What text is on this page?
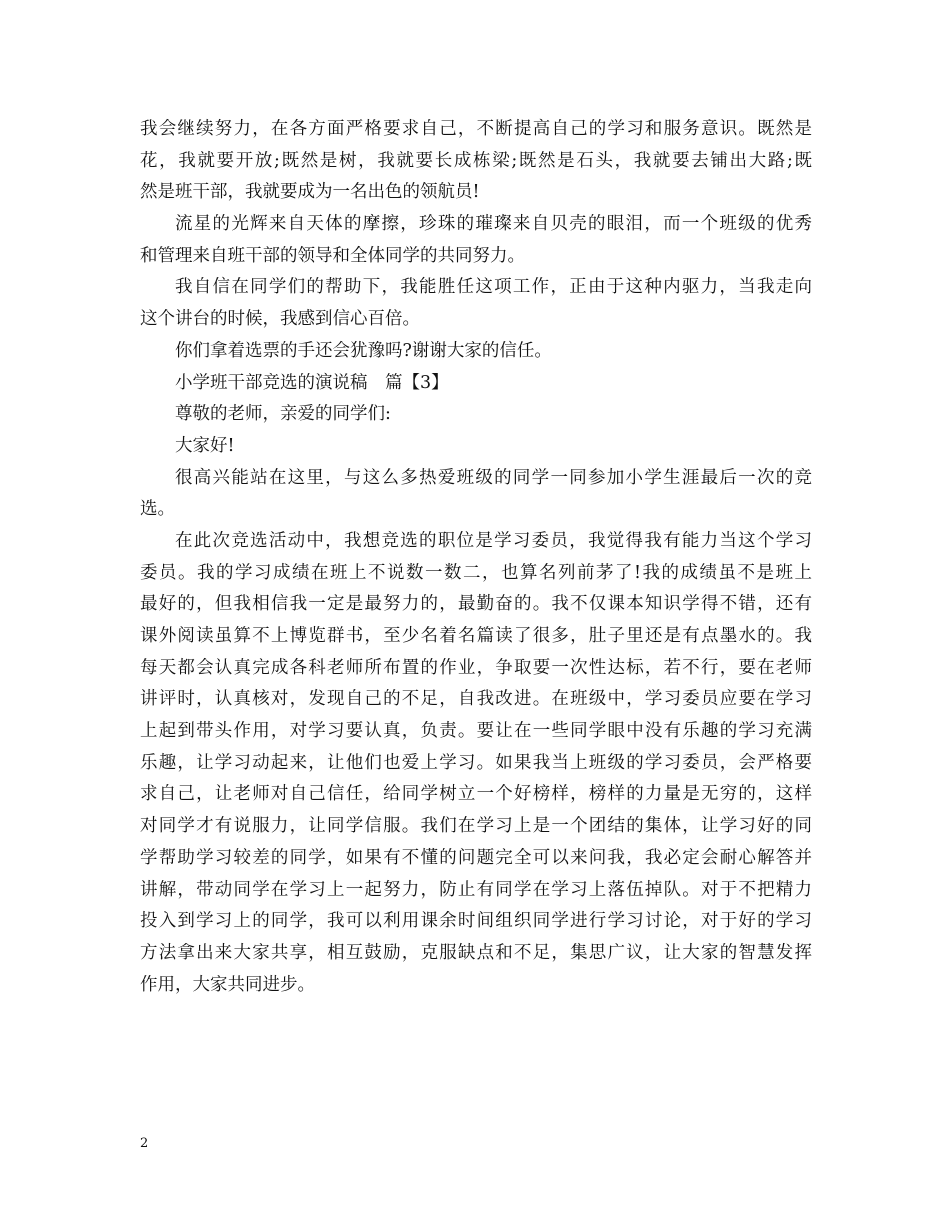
我会继续努力，在各方面严格要求自己，不断提高自己的学习和服务意识。既然是
花，我就要开放;既然是树，我就要长成栋梁;既然是石头，我就要去铺出大路;既
然是班干部，我就要成为一名出色的领航员!
流星的光辉来自天体的摩擦，珍珠的璀璨来自贝壳的眼泪，而一个班级的优秀
和管理来自班干部的领导和全体同学的共同努力。
我自信在同学们的帮助下，我能胜任这项工作，正由于这种内驱力，当我走向
这个讲台的时候，我感到信心百倍。
你们拿着选票的手还会犹豫吗?谢谢大家的信任。
小学班干部竞选的演说稿　篇【3】
尊敬的老师，亲爱的同学们:
大家好!
很高兴能站在这里，与这么多热爱班级的同学一同参加小学生涯最后一次的竞
选。
在此次竞选活动中，我想竞选的职位是学习委员，我觉得我有能力当这个学习
委员。我的学习成绩在班上不说数一数二，也算名列前茅了!我的成绩虽不是班上
最好的，但我相信我一定是最努力的，最勤奋的。我不仅课本知识学得不错，还有
课外阅读虽算不上博览群书，至少名着名篇读了很多，肚子里还是有点墨水的。我
每天都会认真完成各科老师所布置的作业，争取要一次性达标，若不行，要在老师
讲评时，认真核对，发现自己的不足，自我改进。在班级中，学习委员应要在学习
上起到带头作用，对学习要认真，负责。要让在一些同学眼中没有乐趣的学习充满
乐趣，让学习动起来，让他们也爱上学习。如果我当上班级的学习委员，会严格要
求自己，让老师对自己信任，给同学树立一个好榜样，榜样的力量是无穷的，这样
对同学才有说服力，让同学信服。我们在学习上是一个团结的集体，让学习好的同
学帮助学习较差的同学，如果有不懂的问题完全可以来问我，我必定会耐心解答并
讲解，带动同学在学习上一起努力，防止有同学在学习上落伍掉队。对于不把精力
投入到学习上的同学，我可以利用课余时间组织同学进行学习讨论，对于好的学习
方法拿出来大家共享，相互鼓励，克服缺点和不足，集思广议，让大家的智慧发挥
作用，大家共同进步。
2
